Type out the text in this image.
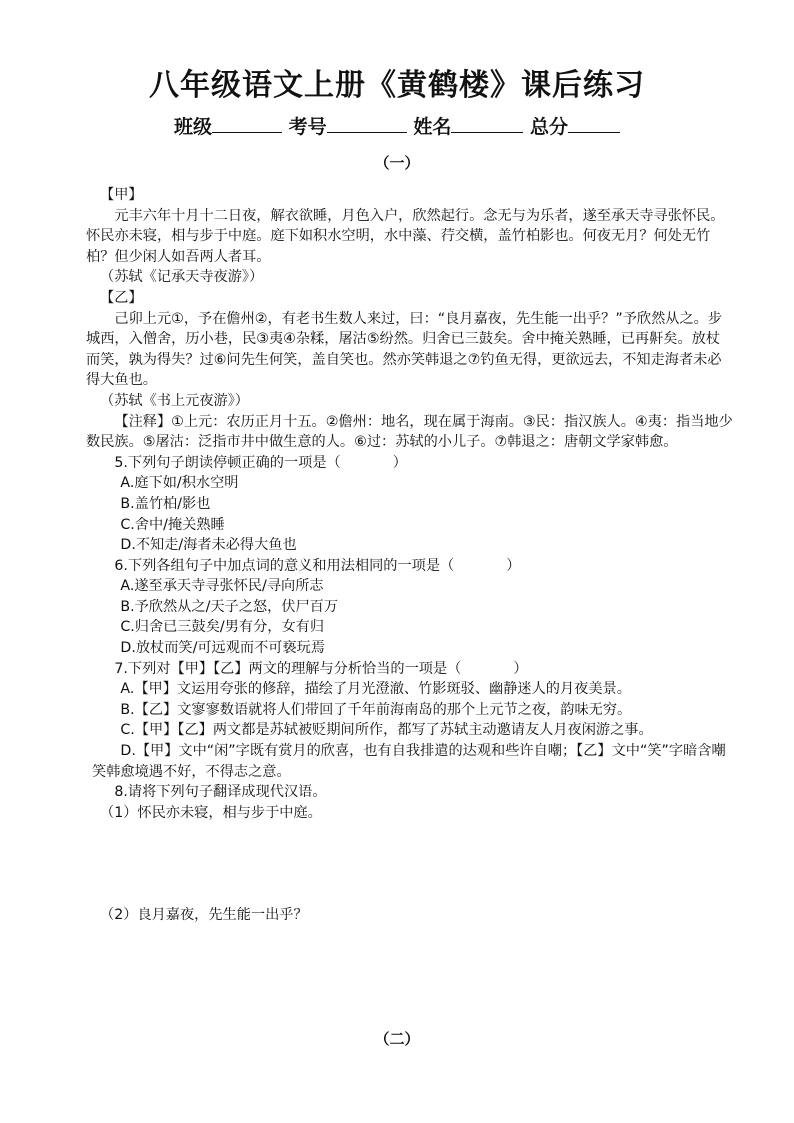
八年级语文上册《黄鹤楼》课后练习
班级	考号	姓名	总分
（一）

【甲】

元丰六年十月十二日夜，解衣欲睡，月色入户，欣然起行。念无与为乐者，遂至承天寺寻张怀民。怀民亦未寝，相与步于中庭。庭下如积水空明，水中藻、荇交横，盖竹柏影也。何夜无月？何处无竹柏？但少闲人如吾两人者耳。

（苏轼《记承天寺夜游》）

【乙】

己卯上元①，予在儋州②，有老书生数人来过，曰：“良月嘉夜，先生能一出乎？”予欣然从之。步城西，入僧舍，历小巷，民③夷④杂糅，屠沽⑤纷然。归舍已三鼓矣。舍中掩关熟睡，已再鼾矣。放杖而笑，孰为得失？过⑥问先生何笑，盖自笑也。然亦笑韩退之⑦钓鱼无得，更欲远去，不知走海者未必得大鱼也。

（苏轼《书上元夜游》）

【注释】①上元：农历正月十五。②儋州：地名，现在属于海南。③民：指汉族人。④夷：指当地少数民族。⑤屠沽：泛指市井中做生意的人。⑥过：苏轼的小儿子。⑦韩退之：唐朝文学家韩愈。

5.下列句子朗读停顿正确的一项是（	）

A.庭下如/积水空明

B.盖竹柏/影也

C.舍中/掩关熟睡

D.不知走/海者未必得大鱼也

6.下列各组句子中加点词的意义和用法相同的一项是（	）

A.遂至承天寺寻张怀民/寻向所志

B.予欣然从之/天子之怒，伏尸百万

C.归舍已三鼓矣/男有分，女有归

D.放杖而笑/可远观而不可亵玩焉

7.下列对【甲】【乙】两文的理解与分析恰当的一项是（	）

A.【甲】文运用夸张的修辞，描绘了月光澄澈、竹影斑驳、幽静迷人的月夜美景。

B.【乙】文寥寥数语就将人们带回了千年前海南岛的那个上元节之夜，韵味无穷。

C.【甲】【乙】两文都是苏轼被贬期间所作，都写了苏轼主动邀请友人月夜闲游之事。

D.【甲】文中“闲”字既有赏月的欣喜，也有自我排遣的达观和些许自嘲；【乙】文中“笑”字暗含嘲笑韩愈境遇不好，不得志之意。

8.请将下列句子翻译成现代汉语。

（1）怀民亦未寝，相与步于中庭。

（2）良月嘉夜，先生能一出乎？

（二）
